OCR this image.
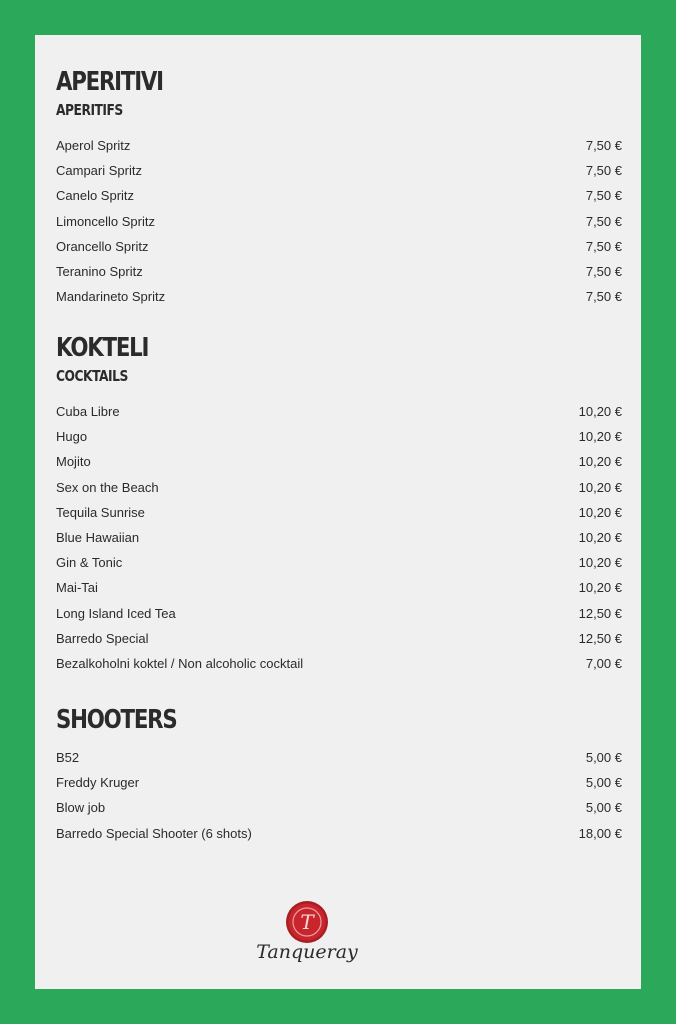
APERITIVI
APERITIFS
Aperol Spritz	7,50 €
Campari Spritz	7,50 €
Canelo Spritz	7,50 €
Limoncello Spritz	7,50 €
Orancello Spritz	7,50 €
Teranino Spritz	7,50 €
Mandarineto Spritz	7,50 €
KOKTELI
COCKTAILS
Cuba Libre	10,20 €
Hugo	10,20 €
Mojito	10,20 €
Sex on the Beach	10,20 €
Tequila Sunrise	10,20 €
Blue Hawaiian	10,20 €
Gin & Tonic	10,20 €
Mai-Tai	10,20 €
Long Island Iced Tea	12,50 €
Barredo Special	12,50 €
Bezalkoholni koktel / Non alcoholic cocktail	7,00 €
SHOOTERS
B52	5,00 €
Freddy Kruger	5,00 €
Blow job	5,00 €
Barredo Special Shooter (6 shots)	18,00 €
T
Tanqueray
